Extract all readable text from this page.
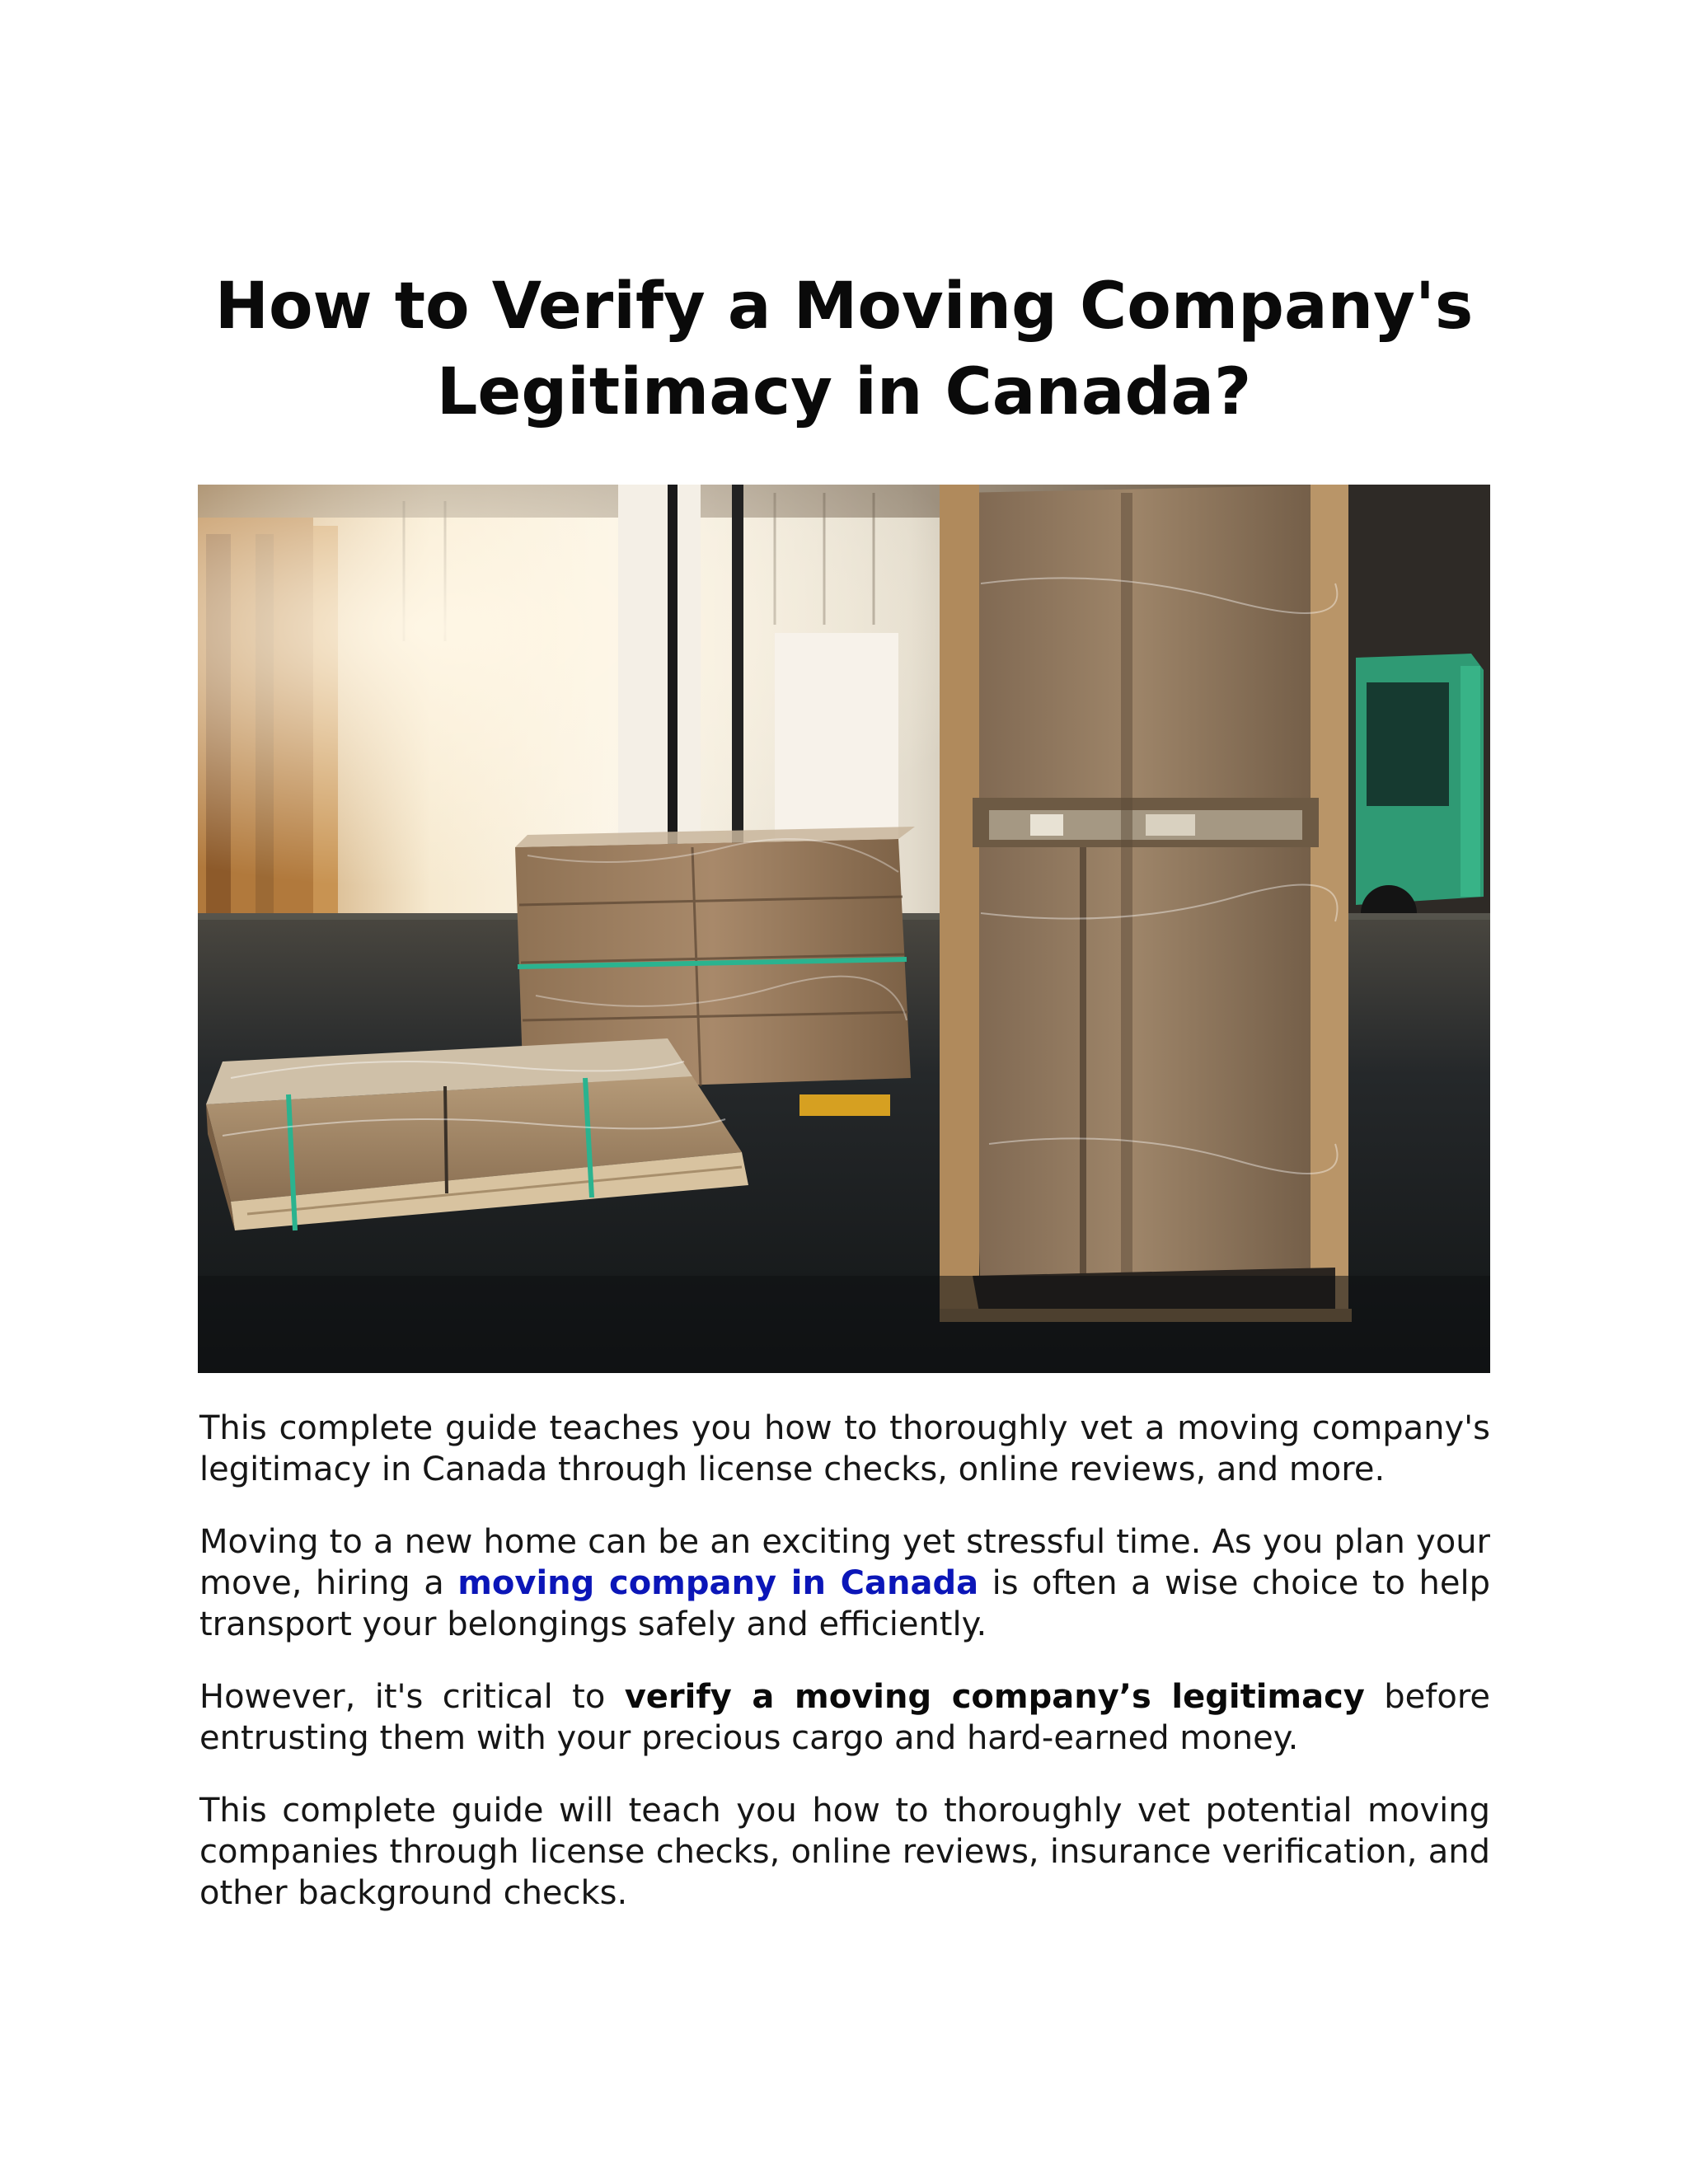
How to Verify a Moving Company's
Legitimacy in Canada?

This complete guide teaches you how to thoroughly vet a moving company's legitimacy in Canada through license checks, online reviews, and more.

Moving to a new home can be an exciting yet stressful time. As you plan your move, hiring a moving company in Canada is often a wise choice to help transport your belongings safely and efficiently.

However, it's critical to verify a moving company’s legitimacy before entrusting them with your precious cargo and hard-earned money.

This complete guide will teach you how to thoroughly vet potential moving companies through license checks, online reviews, insurance verification, and other background checks.
